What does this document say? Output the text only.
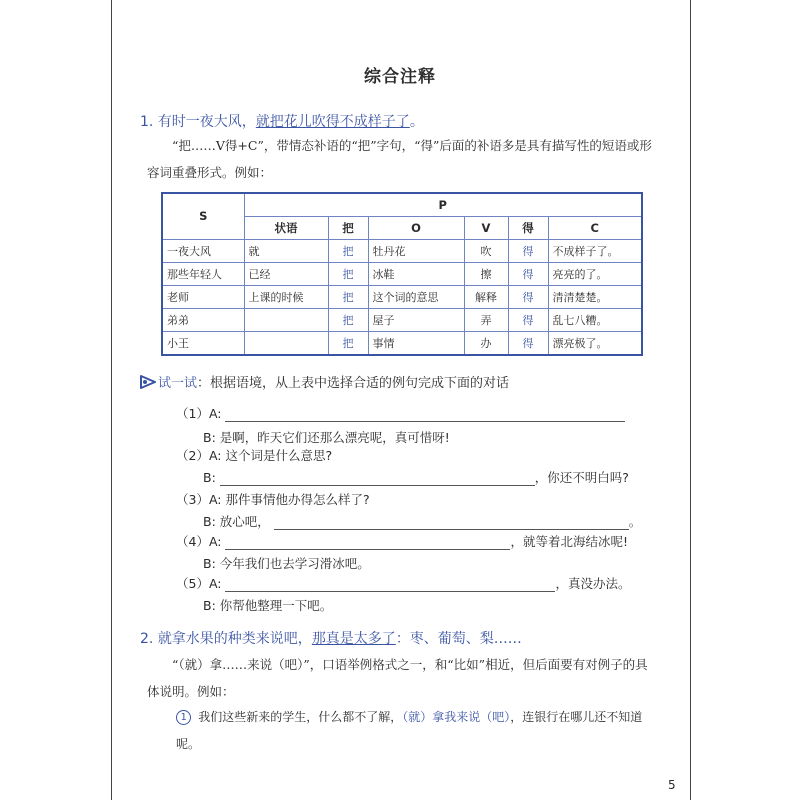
综合注释
1. 有时一夜大风，就把花儿吹得不成样子了。
“把……V得+C”，带情态补语的“把”字句，“得”后面的补语多是具有描写性的短语或形容词重叠形式。例如：
S	P					
	状语	把	O	V	得	C
一夜大风	就	把	牡丹花	吹	得	不成样子了。
那些年轻人	已经	把	冰鞋	擦	得	亮亮的了。
老师	上课的时候	把	这个词的意思	解释	得	清清楚楚。
弟弟		把	屋子	弄	得	乱七八糟。
小王		把	事情	办	得	漂亮极了。
试一试：根据语境，从上表中选择合适的例句完成下面的对话
（1）A:
B: 是啊，昨天它们还那么漂亮呢，真可惜呀!
（2）A: 这个词是什么意思?
B:	，你还不明白吗?
（3）A: 那件事情他办得怎么样了?
B: 放心吧，	。
（4）A:	，就等着北海结冰呢!
B: 今年我们也去学习滑冰吧。
（5）A:	，真没办法。
B: 你帮他整理一下吧。
2. 就拿水果的种类来说吧，那真是太多了：枣、葡萄、梨……
“（就）拿……来说（吧）”，口语举例格式之一，和“比如”相近，但后面要有对例子的具体说明。例如：
1 我们这些新来的学生，什么都不了解，（就）拿我来说（吧），连银行在哪儿还不知道呢。
5
